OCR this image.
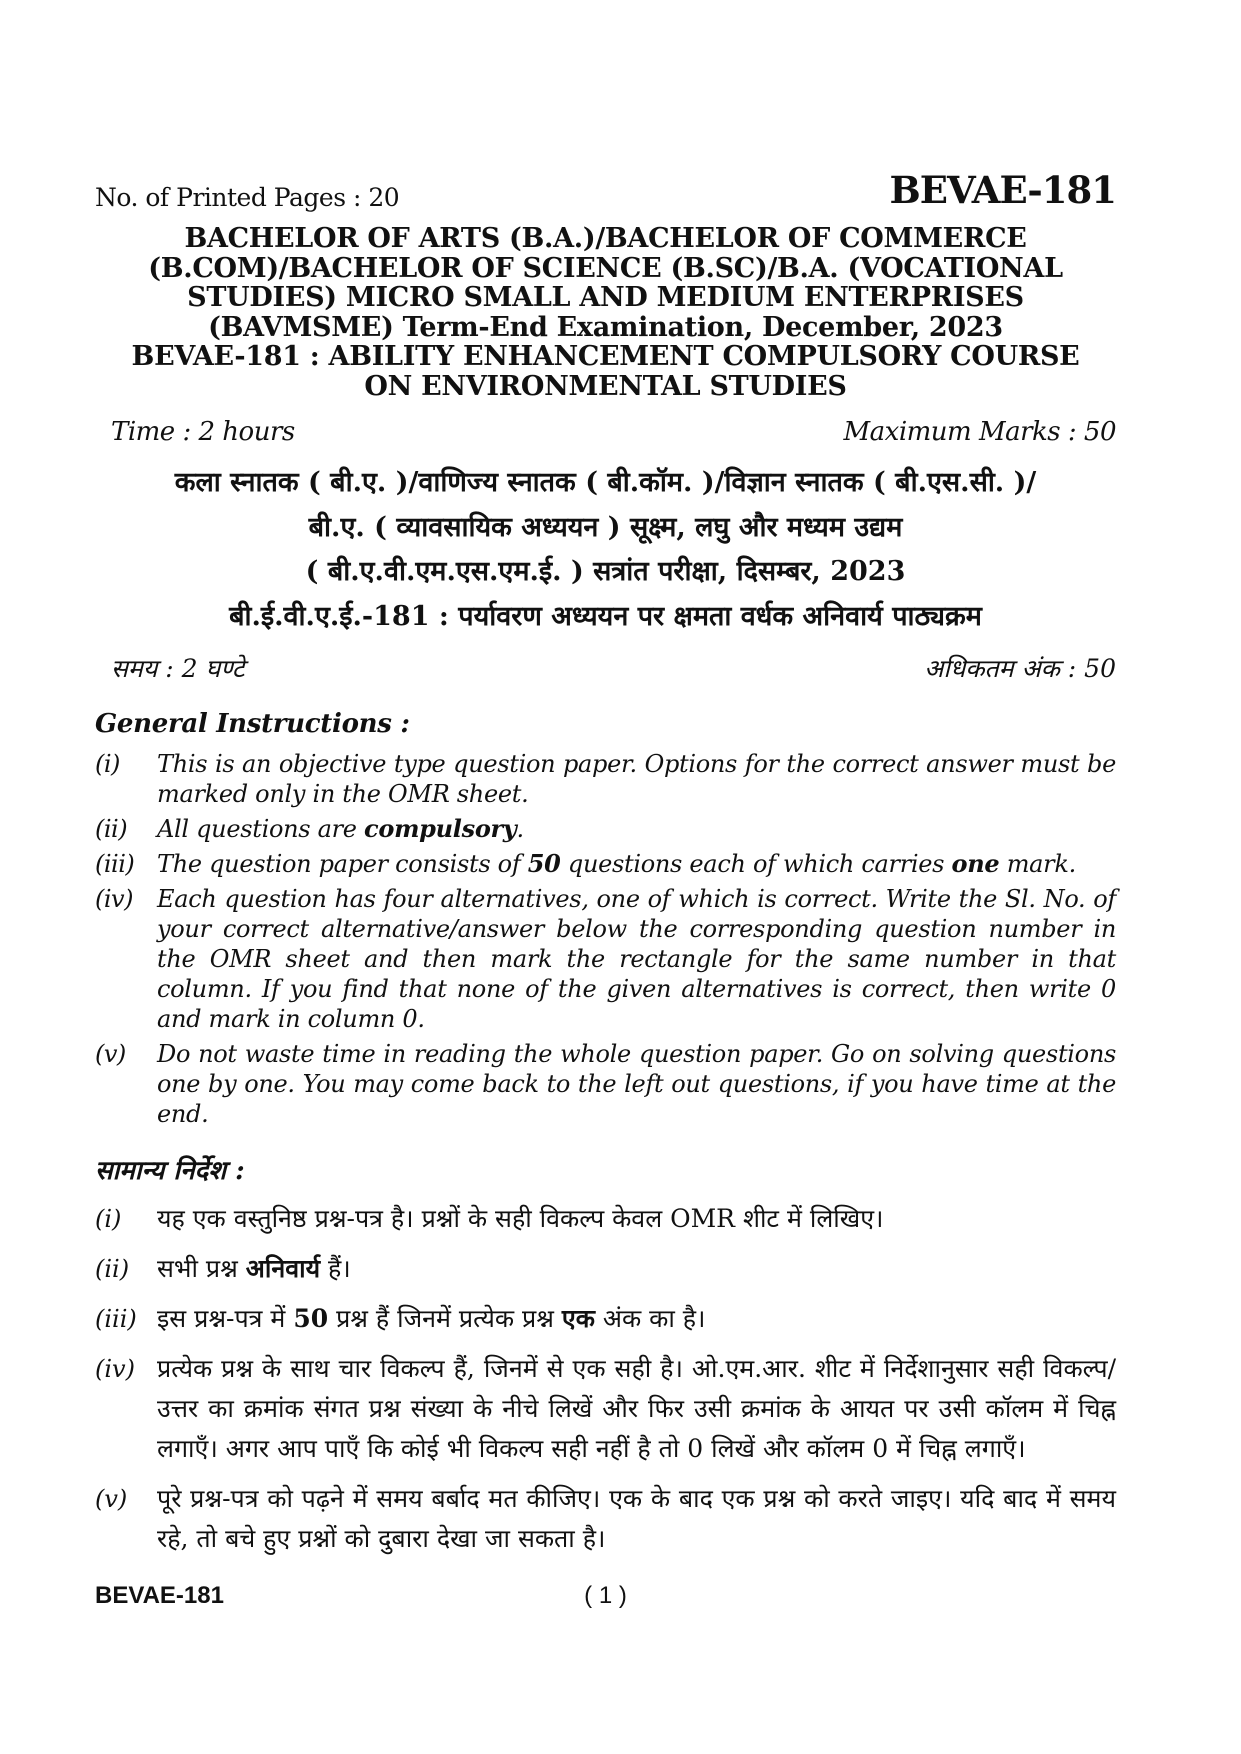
No. of Printed Pages : 20	BEVAE-181
BACHELOR OF ARTS (B.A.)/BACHELOR OF COMMERCE
(B.COM)/BACHELOR OF SCIENCE (B.SC)/B.A. (VOCATIONAL
STUDIES) MICRO SMALL AND MEDIUM ENTERPRISES
(BAVMSME) Term-End Examination, December, 2023
BEVAE-181 : ABILITY ENHANCEMENT COMPULSORY COURSE
ON ENVIRONMENTAL STUDIES
Time : 2 hours	Maximum Marks : 50
कला स्नातक ( बी.ए. )/वाणिज्य स्नातक ( बी.कॉम. )/विज्ञान स्नातक ( बी.एस.सी. )/
बी.ए. ( व्यावसायिक अध्ययन ) सूक्ष्म, लघु और मध्यम उद्यम
( बी.ए.वी.एम.एस.एम.ई. ) सत्रांत परीक्षा, दिसम्बर, 2023
बी.ई.वी.ए.ई.-181 : पर्यावरण अध्ययन पर क्षमता वर्धक अनिवार्य पाठ्यक्रम
समय : 2 घण्टे	अधिकतम अंक : 50
General Instructions :
(i)	This is an objective type question paper. Options for the correct answer must be marked only in the OMR sheet.

(ii)	All questions are compulsory.

(iii) The question paper consists of 50 questions each of which carries one mark.

(iv)	Each question has four alternatives, one of which is correct. Write the Sl. No. of your correct alternative/answer below the corresponding question number in the OMR sheet and then mark the rectangle for the same number in that column. If you find that none of the given alternatives is correct, then write 0 and mark in column 0.

(v)	Do not waste time in reading the whole question paper. Go on solving questions one by one. You may come back to the left out questions, if you have time at the end.

सामान्य निर्देश :
(i)	यह एक वस्तुनिष्ठ प्रश्न-पत्र है। प्रश्नों के सही विकल्प केवल OMR शीट में लिखिए।

(ii)	सभी प्रश्न अनिवार्य हैं।

(iii) इस प्रश्न-पत्र में 50 प्रश्न हैं जिनमें प्रत्येक प्रश्न एक अंक का है।

(iv) प्रत्येक प्रश्न के साथ चार विकल्प हैं, जिनमें से एक सही है। ओ.एम.आर. शीट में निर्देशानुसार सही विकल्प/उत्तर का क्रमांक संगत प्रश्न संख्या के नीचे लिखें और फिर उसी क्रमांक के आयत पर उसी कॉलम में चिह्न लगाएँ। अगर आप पाएँ कि कोई भी विकल्प सही नहीं है तो 0 लिखें और कॉलम 0 में चिह्न लगाएँ।

(v)	पूरे प्रश्न-पत्र को पढ़ने में समय बर्बाद मत कीजिए। एक के बाद एक प्रश्न को करते जाइए। यदि बाद में समय रहे, तो बचे हुए प्रश्नों को दुबारा देखा जा सकता है।

( 1 )
BEVAE-181
